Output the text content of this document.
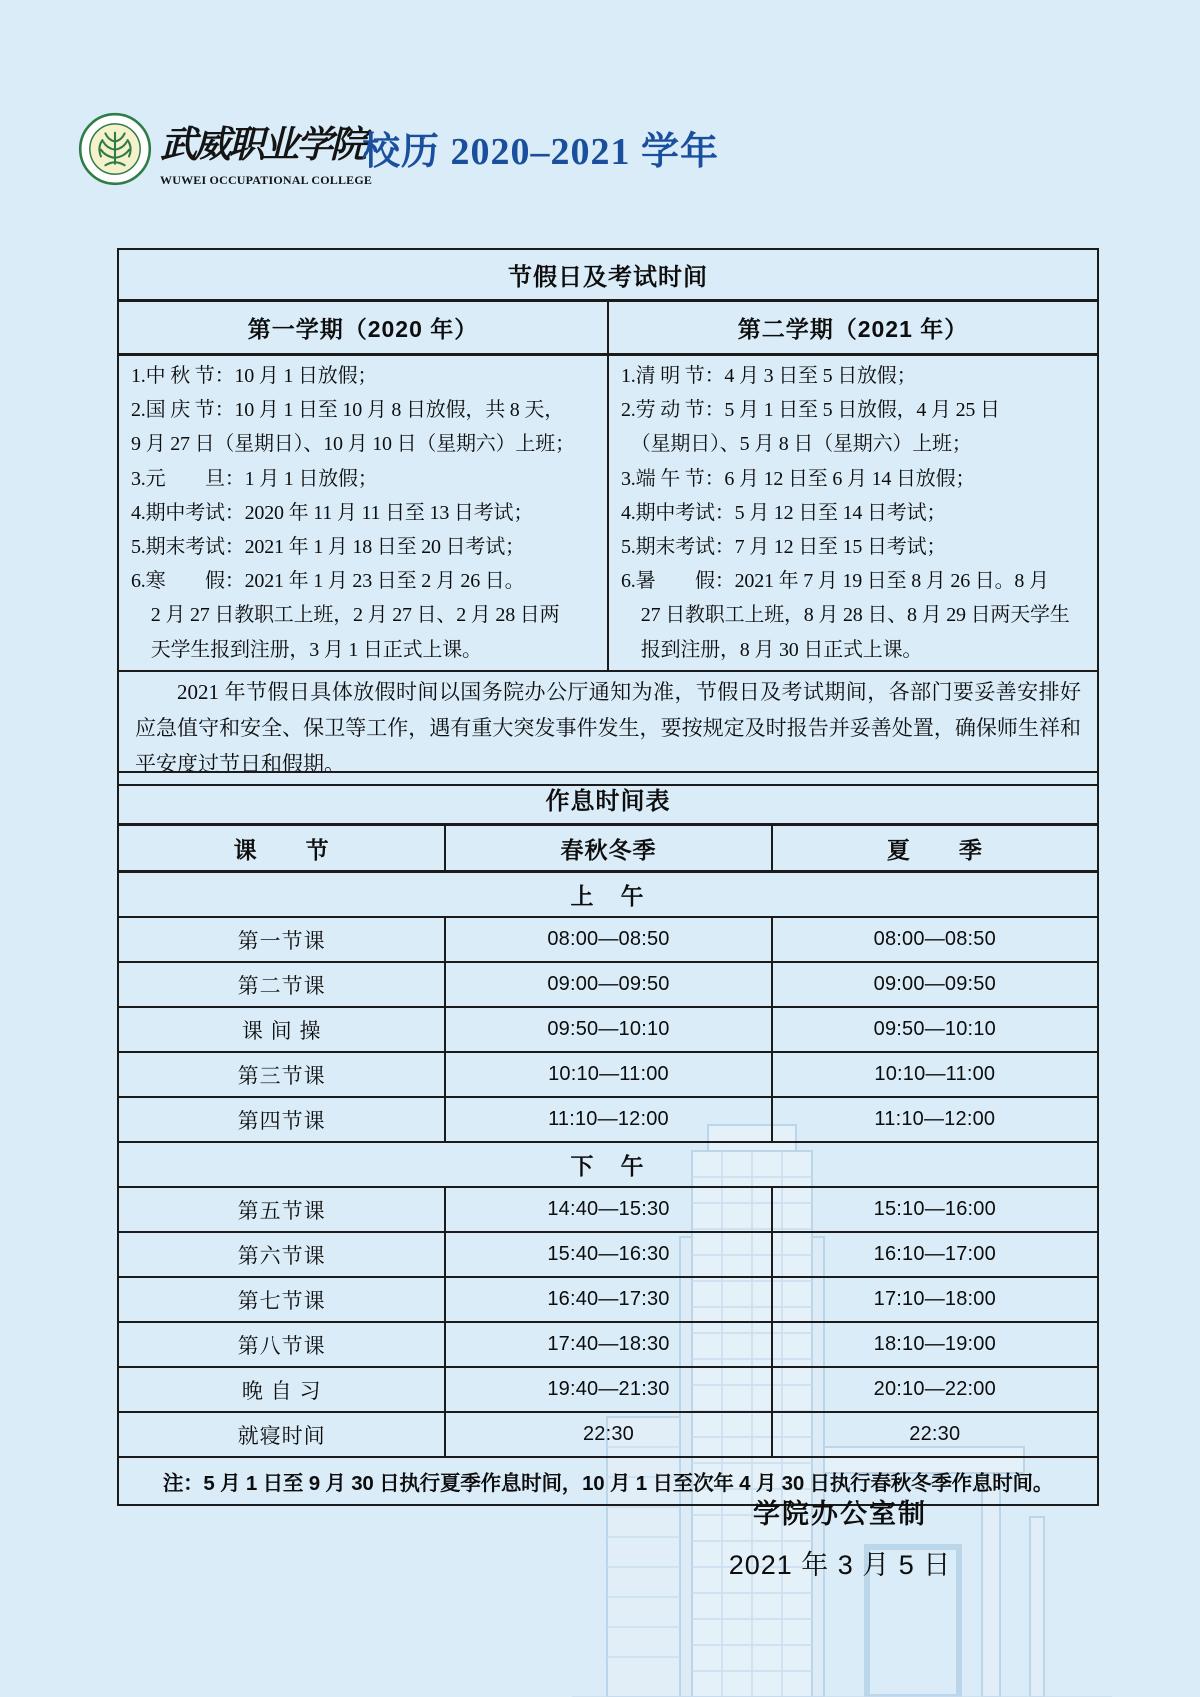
武威职业学院
WUWEI OCCUPATIONAL COLLEGE
校历 2020–2021 学年
节假日及考试时间	
第一学期（2020 年）	第二学期（2021 年）

1.中 秋 节：10 月 1 日放假；
2.国 庆 节：10 月 1 日至 10 月 8 日放假，共 8 天，
9 月 27 日（星期日）、10 月 10 日（星期六）上班；
3.元　　旦：1 月 1 日放假；
4.期中考试：2020 年 11 月 11 日至 13 日考试；
5.期末考试：2021 年 1 月 18 日至 20 日考试；
6.寒　　假：2021 年 1 月 23 日至 2 月 26 日。
　2 月 27 日教职工上班，2 月 27 日、2 月 28 日两
　天学生报到注册，3 月 1 日正式上课。

1.清 明 节：4 月 3 日至 5 日放假；
2.劳 动 节：5 月 1 日至 5 日放假，4 月 25 日
　（星期日）、5 月 8 日（星期六）上班；
3.端 午 节：6 月 12 日至 6 月 14 日放假；
4.期中考试：5 月 12 日至 14 日考试；
5.期末考试：7 月 12 日至 15 日考试；
6.暑　　假：2021 年 7 月 19 日至 8 月 26 日。8 月
　27 日教职工上班，8 月 28 日、8 月 29 日两天学生
　报到注册，8 月 30 日正式上课。

2021 年节假日具体放假时间以国务院办公厅通知为准，节假日及考试期间，各部门要妥善安排好应急值守和安全、保卫等工作，遇有重大突发事件发生，要按规定及时报告并妥善处置，确保师生祥和平安度过节日和假期。	
作息时间表		
课　　节	春秋冬季	夏　　季
上　午		
第一节课	08:00—08:50	08:00—08:50
第二节课	09:00—09:50	09:00—09:50
课 间 操	09:50—10:10	09:50—10:10
第三节课	10:10—11:00	10:10—11:00
第四节课	11:10—12:00	11:10—12:00
下　午		
第五节课	14:40—15:30	15:10—16:00
第六节课	15:40—16:30	16:10—17:00
第七节课	16:40—17:30	17:10—18:00
第八节课	17:40—18:30	18:10—19:00
晚 自 习	19:40—21:30	20:10—22:00
就寝时间	22:30	22:30
注：5 月 1 日至 9 月 30 日执行夏季作息时间，10 月 1 日至次年 4 月 30 日执行春秋冬季作息时间。		
学院办公室制
2021 年 3 月 5 日
